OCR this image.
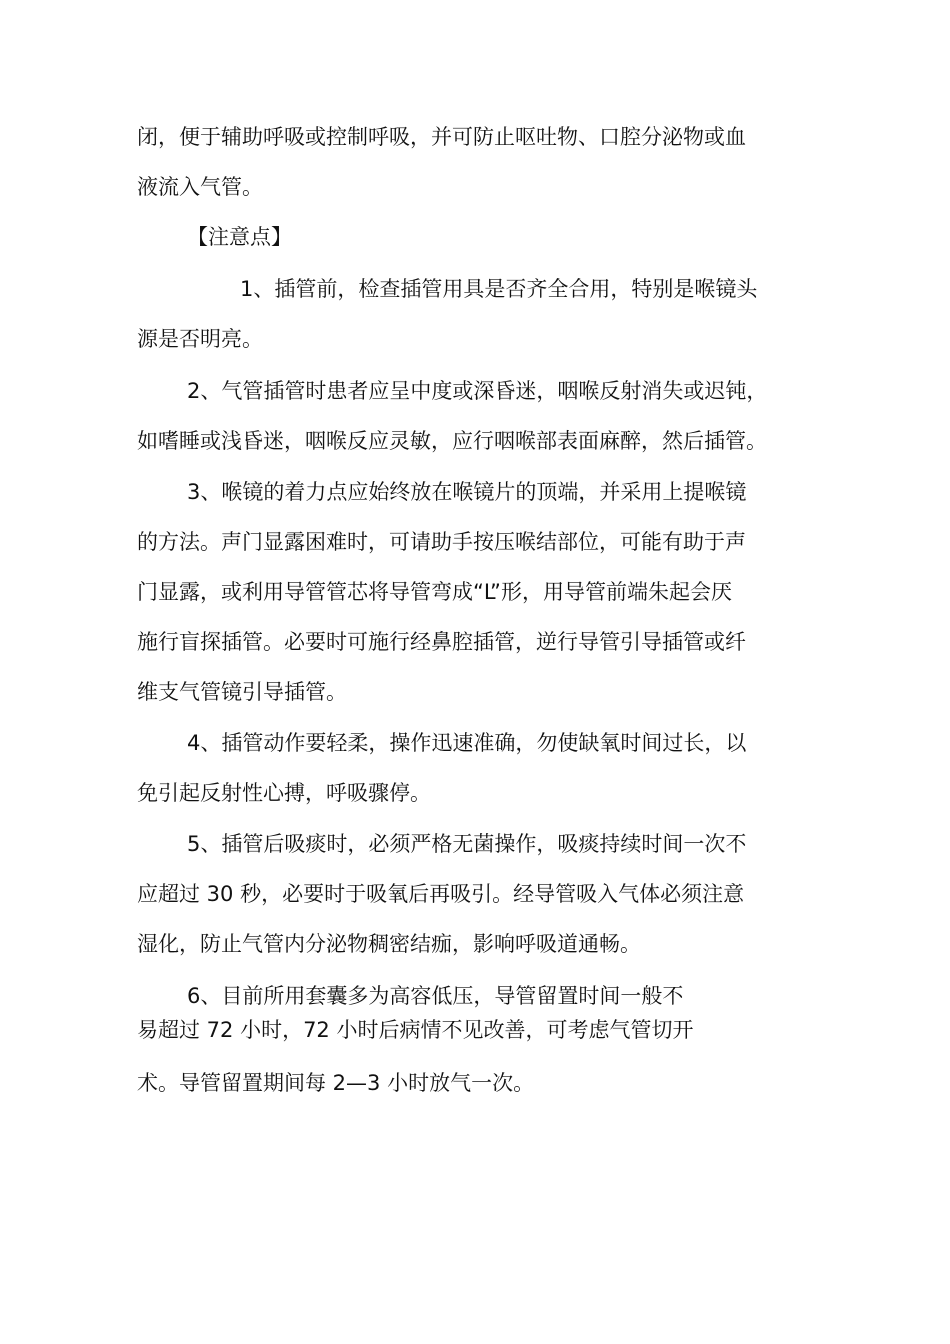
闭，便于辅助呼吸或控制呼吸，并可防止呕吐物、口腔分泌物或血
液流入气管。
【注意点】
1、插管前，检查插管用具是否齐全合用，特别是喉镜头
源是否明亮。
2、气管插管时患者应呈中度或深昏迷，咽喉反射消失或迟钝，
如嗜睡或浅昏迷，咽喉反应灵敏，应行咽喉部表面麻醉，然后插管。
3、喉镜的着力点应始终放在喉镜片的顶端，并采用上提喉镜
的方法。声门显露困难时，可请助手按压喉结部位，可能有助于声
门显露，或利用导管管芯将导管弯成“L”形，用导管前端朱起会厌
施行盲探插管。必要时可施行经鼻腔插管，逆行导管引导插管或纤
维支气管镜引导插管。
4、插管动作要轻柔，操作迅速准确，勿使缺氧时间过长，以
免引起反射性心搏，呼吸骤停。
5、插管后吸痰时，必须严格无菌操作，吸痰持续时间一次不
应超过 30 秒，必要时于吸氧后再吸引。经导管吸入气体必须注意
湿化，防止气管内分泌物稠密结痂，影响呼吸道通畅。
6、目前所用套囊多为高容低压，导管留置时间一般不
易超过 72 小时，72 小时后病情不见改善，可考虑气管切开
术。导管留置期间每 2—3 小时放气一次。
